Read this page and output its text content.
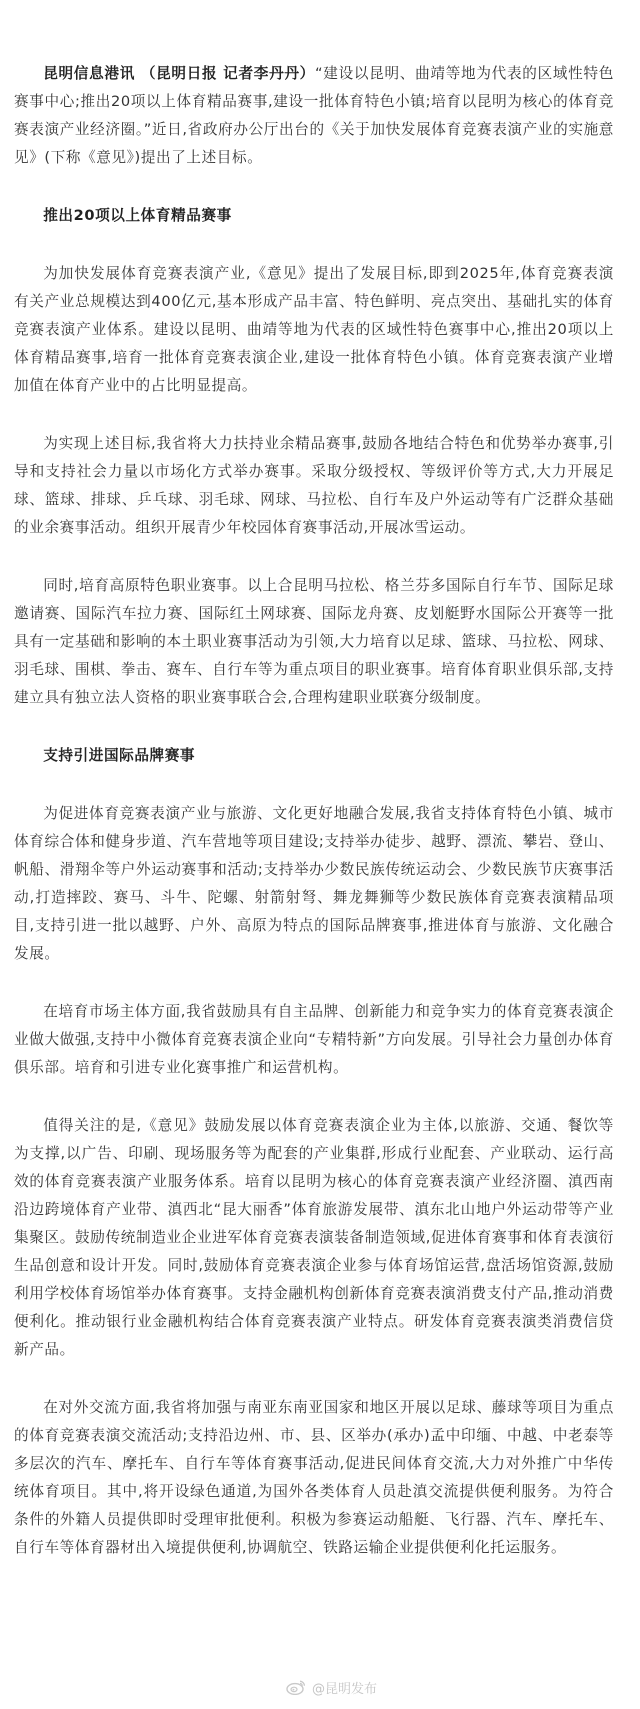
昆明信息港讯 （昆明日报 记者李丹丹）“建设以昆明、曲靖等地为代表的区域性特色赛事中心;推出20项以上体育精品赛事,建设一批体育特色小镇;培育以昆明为核心的体育竞赛表演产业经济圈。”近日,省政府办公厅出台的《关于加快发展体育竞赛表演产业的实施意见》(下称《意见》)提出了上述目标。

推出20项以上体育精品赛事

为加快发展体育竞赛表演产业,《意见》提出了发展目标,即到2025年,体育竞赛表演有关产业总规模达到400亿元,基本形成产品丰富、特色鲜明、亮点突出、基础扎实的体育竞赛表演产业体系。建设以昆明、曲靖等地为代表的区域性特色赛事中心,推出20项以上体育精品赛事,培育一批体育竞赛表演企业,建设一批体育特色小镇。体育竞赛表演产业增加值在体育产业中的占比明显提高。

为实现上述目标,我省将大力扶持业余精品赛事,鼓励各地结合特色和优势举办赛事,引导和支持社会力量以市场化方式举办赛事。采取分级授权、等级评价等方式,大力开展足球、篮球、排球、乒乓球、羽毛球、网球、马拉松、自行车及户外运动等有广泛群众基础的业余赛事活动。组织开展青少年校园体育赛事活动,开展冰雪运动。

同时,培育高原特色职业赛事。以上合昆明马拉松、格兰芬多国际自行车节、国际足球邀请赛、国际汽车拉力赛、国际红土网球赛、国际龙舟赛、皮划艇野水国际公开赛等一批具有一定基础和影响的本土职业赛事活动为引领,大力培育以足球、篮球、马拉松、网球、羽毛球、围棋、拳击、赛车、自行车等为重点项目的职业赛事。培育体育职业俱乐部,支持建立具有独立法人资格的职业赛事联合会,合理构建职业联赛分级制度。

支持引进国际品牌赛事

为促进体育竞赛表演产业与旅游、文化更好地融合发展,我省支持体育特色小镇、城市体育综合体和健身步道、汽车营地等项目建设;支持举办徒步、越野、漂流、攀岩、登山、帆船、滑翔伞等户外运动赛事和活动;支持举办少数民族传统运动会、少数民族节庆赛事活动,打造摔跤、赛马、斗牛、陀螺、射箭射弩、舞龙舞狮等少数民族体育竞赛表演精品项目,支持引进一批以越野、户外、高原为特点的国际品牌赛事,推进体育与旅游、文化融合发展。

在培育市场主体方面,我省鼓励具有自主品牌、创新能力和竞争实力的体育竞赛表演企业做大做强,支持中小微体育竞赛表演企业向“专精特新”方向发展。引导社会力量创办体育俱乐部。培育和引进专业化赛事推广和运营机构。

值得关注的是,《意见》鼓励发展以体育竞赛表演企业为主体,以旅游、交通、餐饮等为支撑,以广告、印刷、现场服务等为配套的产业集群,形成行业配套、产业联动、运行高效的体育竞赛表演产业服务体系。培育以昆明为核心的体育竞赛表演产业经济圈、滇西南沿边跨境体育产业带、滇西北“昆大丽香”体育旅游发展带、滇东北山地户外运动带等产业集聚区。鼓励传统制造业企业进军体育竞赛表演装备制造领域,促进体育赛事和体育表演衍生品创意和设计开发。同时,鼓励体育竞赛表演企业参与体育场馆运营,盘活场馆资源,鼓励利用学校体育场馆举办体育赛事。支持金融机构创新体育竞赛表演消费支付产品,推动消费便利化。推动银行业金融机构结合体育竞赛表演产业特点。研发体育竞赛表演类消费信贷新产品。

在对外交流方面,我省将加强与南亚东南亚国家和地区开展以足球、藤球等项目为重点的体育竞赛表演交流活动;支持沿边州、市、县、区举办(承办)孟中印缅、中越、中老泰等多层次的汽车、摩托车、自行车等体育赛事活动,促进民间体育交流,大力对外推广中华传统体育项目。其中,将开设绿色通道,为国外各类体育人员赴滇交流提供便利服务。为符合条件的外籍人员提供即时受理审批便利。积极为参赛运动船艇、飞行器、汽车、摩托车、自行车等体育器材出入境提供便利,协调航空、铁路运输企业提供便利化托运服务。

@昆明发布
